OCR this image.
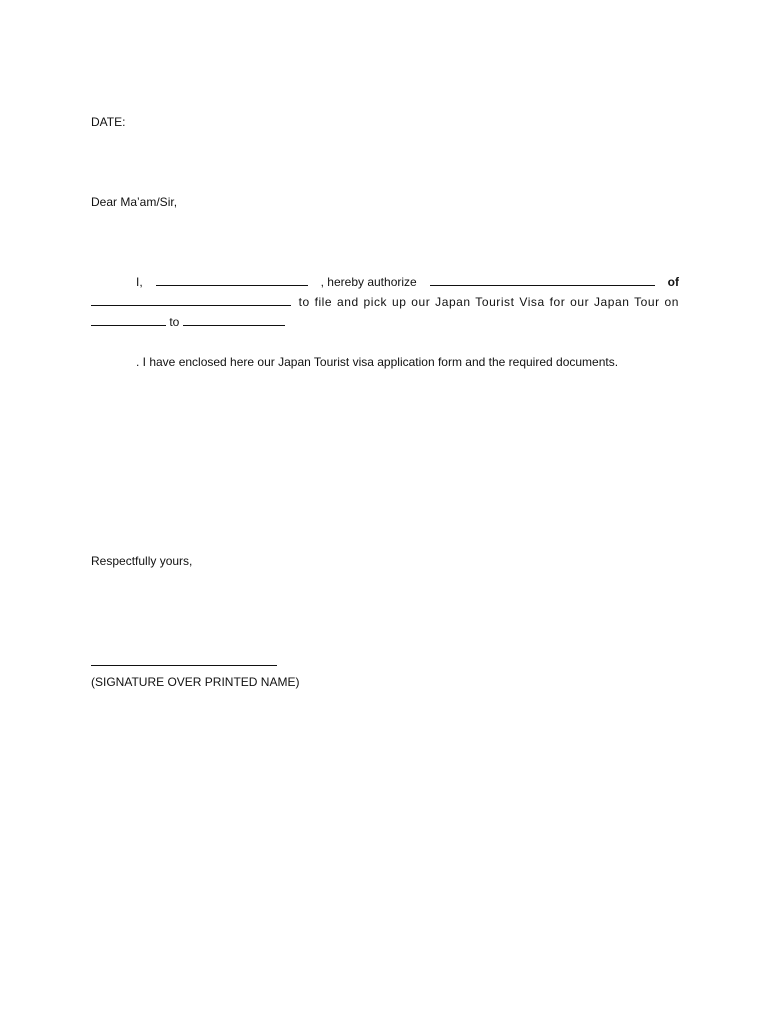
DATE:
Dear Ma’am/Sir,
I,	, hereby authorize	of
to file and pick up our Japan Tourist Visa for our Japan Tour on
to
. I have enclosed here our Japan Tourist visa application form and the required documents.
Respectfully yours,
(SIGNATURE OVER PRINTED NAME)
